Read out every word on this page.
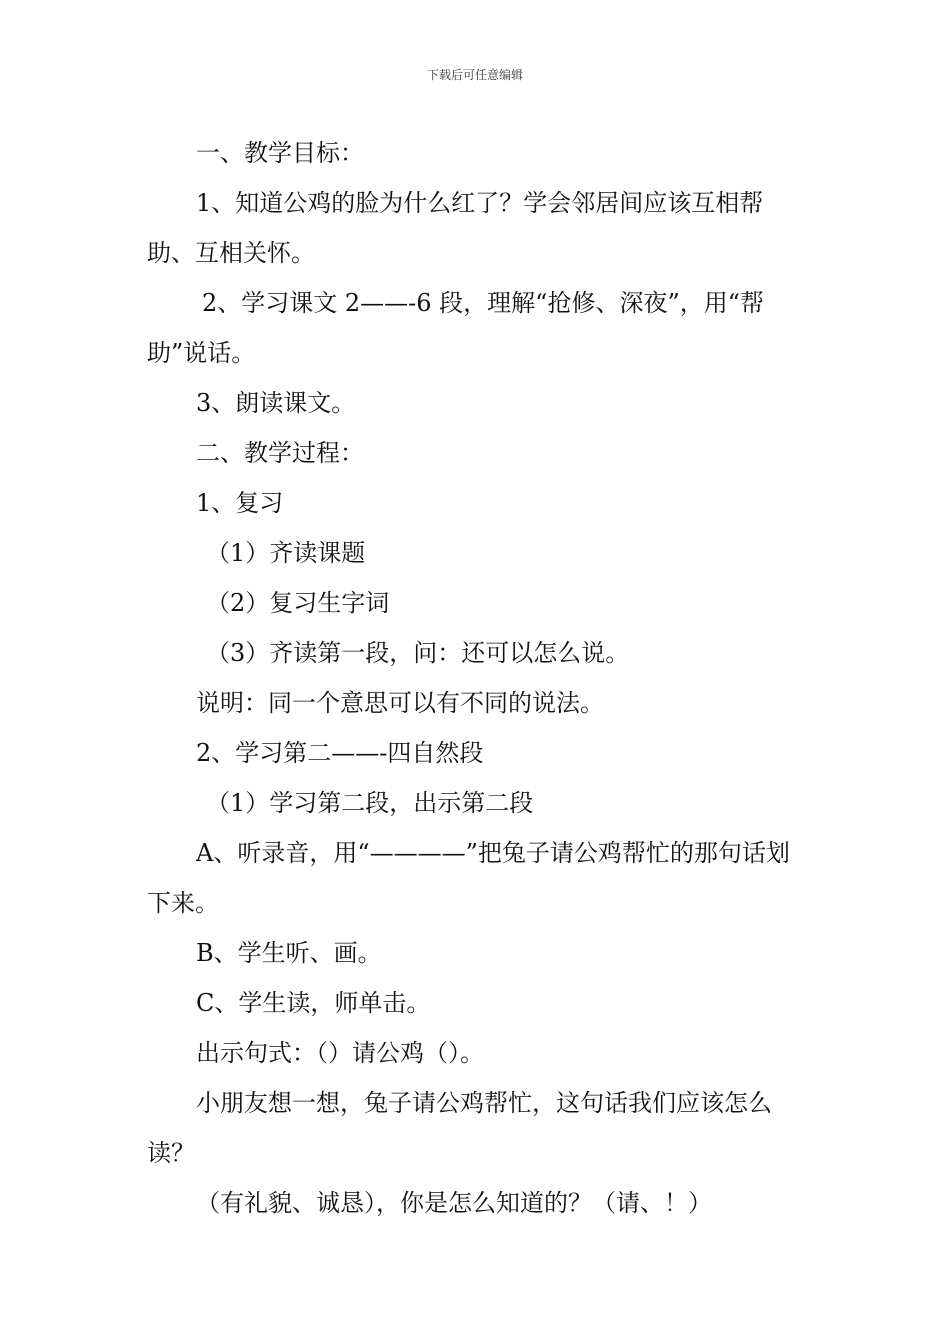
下载后可任意编辑

一、教学目标：

1、知道公鸡的脸为什么红了？学会邻居间应该互相帮助、互相关怀。

2、学习课文 2——-6 段，理解“抢修、深夜”，用“帮助”说话。

3、朗读课文。

二、教学过程：

1、复习

（1）齐读课题

（2）复习生字词

（3）齐读第一段，问：还可以怎么说。

说明：同一个意思可以有不同的说法。

2、学习第二——-四自然段

（1）学习第二段，出示第二段

A、听录音，用“————”把兔子请公鸡帮忙的那句话划下来。

B、学生听、画。

C、学生读，师单击。

出示句式：（）请公鸡（）。

小朋友想一想，兔子请公鸡帮忙，这句话我们应该怎么读？

（有礼貌、诚恳），你是怎么知道的？（请、！）
